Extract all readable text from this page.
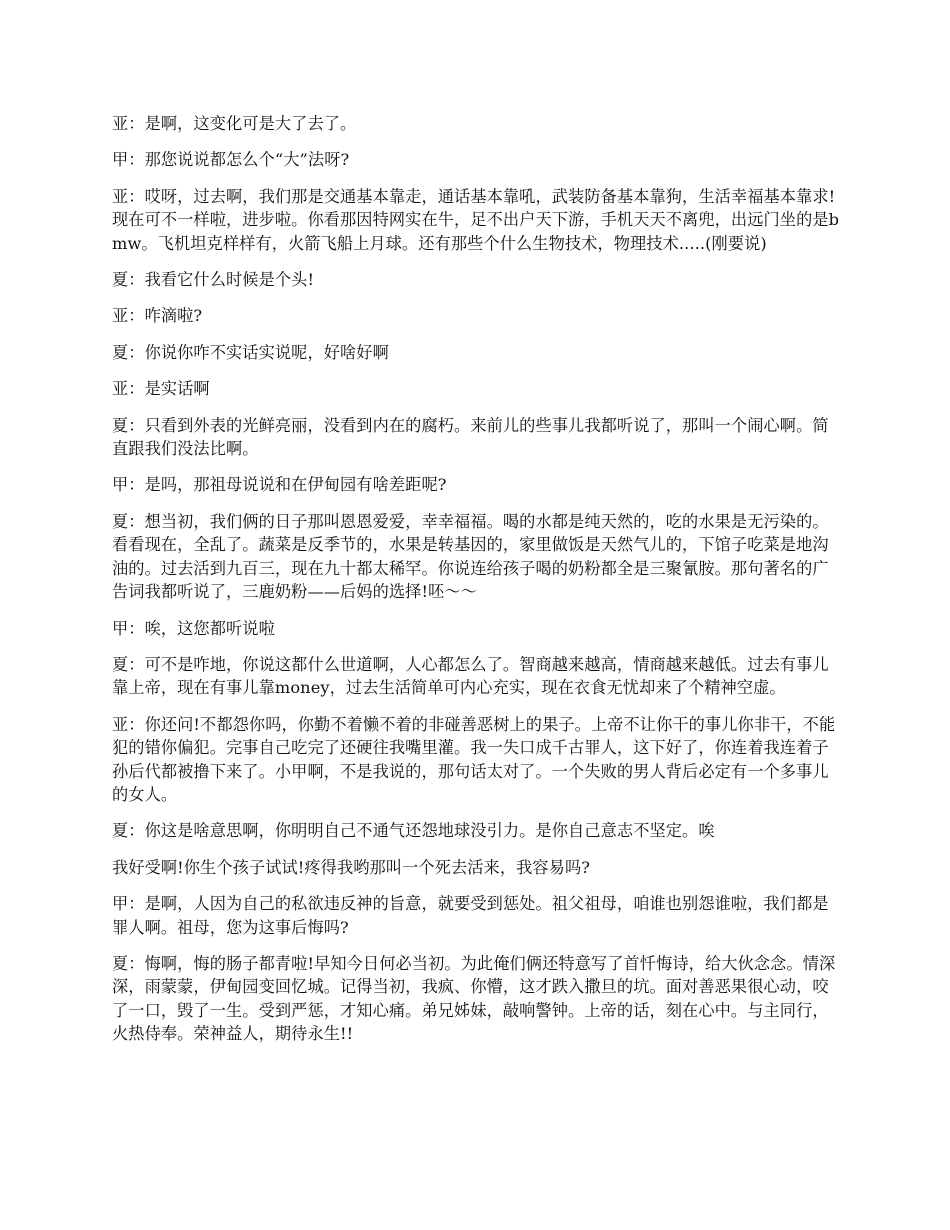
亚：是啊，这变化可是大了去了。

甲：那您说说都怎么个“大”法呀?

亚：哎呀，过去啊，我们那是交通基本靠走，通话基本靠吼，武装防备基本靠狗，生活幸福基本靠求!现在可不一样啦，进步啦。你看那因特网实在牛，足不出户天下游，手机天天不离兜，出远门坐的是bmw。飞机坦克样样有，火箭飞船上月球。还有那些个什么生物技术，物理技术.....(刚要说)

夏：我看它什么时候是个头!

亚：咋滴啦?

夏：你说你咋不实话实说呢，好啥好啊

亚：是实话啊

夏：只看到外表的光鲜亮丽，没看到内在的腐朽。来前儿的些事儿我都听说了，那叫一个闹心啊。简直跟我们没法比啊。

甲：是吗，那祖母说说和在伊甸园有啥差距呢?

夏：想当初，我们俩的日子那叫恩恩爱爱，幸幸福福。喝的水都是纯天然的，吃的水果是无污染的。看看现在，全乱了。蔬菜是反季节的，水果是转基因的，家里做饭是天然气儿的，下馆子吃菜是地沟油的。过去活到九百三，现在九十都太稀罕。你说连给孩子喝的奶粉都全是三聚氰胺。那句著名的广告词我都听说了，三鹿奶粉——后妈的选择!呸～～

甲：唉，这您都听说啦

夏：可不是咋地，你说这都什么世道啊，人心都怎么了。智商越来越高，情商越来越低。过去有事儿靠上帝，现在有事儿靠money，过去生活简单可内心充实，现在衣食无忧却来了个精神空虚。

亚：你还问!不都怨你吗，你勤不着懒不着的非碰善恶树上的果子。上帝不让你干的事儿你非干，不能犯的错你偏犯。完事自己吃完了还硬往我嘴里灌。我一失口成千古罪人，这下好了，你连着我连着子孙后代都被撸下来了。小甲啊，不是我说的，那句话太对了。一个失败的男人背后必定有一个多事儿的女人。

夏：你这是啥意思啊，你明明自己不通气还怨地球没引力。是你自己意志不坚定。唉

我好受啊!你生个孩子试试!疼得我哟那叫一个死去活来，我容易吗?

甲：是啊，人因为自己的私欲违反神的旨意，就要受到惩处。祖父祖母，咱谁也别怨谁啦，我们都是罪人啊。祖母，您为这事后悔吗?

夏：悔啊，悔的肠子都青啦!早知今日何必当初。为此俺们俩还特意写了首忏悔诗，给大伙念念。情深深，雨蒙蒙，伊甸园变回忆城。记得当初，我疯、你懵，这才跌入撒旦的坑。面对善恶果很心动，咬了一口，毁了一生。受到严惩，才知心痛。弟兄姊妹，敲响警钟。上帝的话，刻在心中。与主同行，火热侍奉。荣神益人，期待永生!!
